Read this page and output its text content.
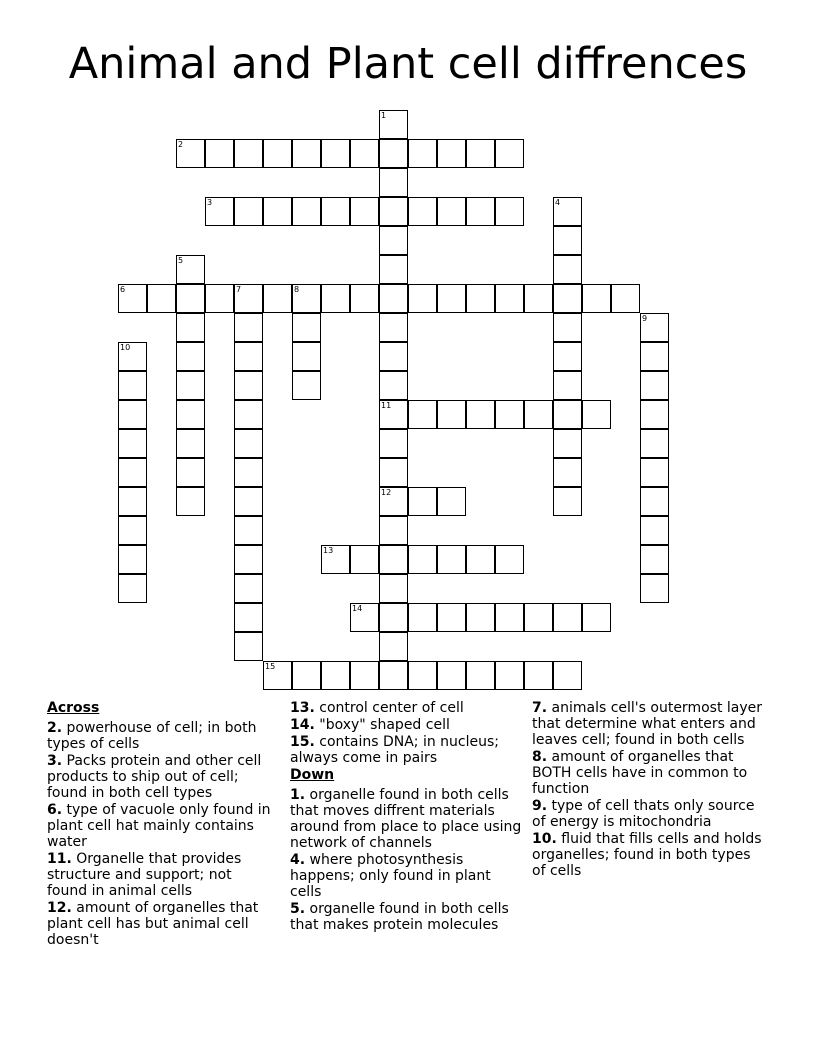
Animal and Plant cell diffrences
1
11
12
2
3	4
5
6	7	8
9
10
13
14
15
Across
2. powerhouse of cell; in both types of cells
3. Packs protein and other cell products to ship out of cell; found in both cell types
6. type of vacuole only found in plant cell hat mainly contains water
11. Organelle that provides structure and support; not found in animal cells
12. amount of organelles that plant cell has but animal cell doesn't
13. control center of cell
14. "boxy" shaped cell
15. contains DNA; in nucleus; always come in pairs
Down
1. organelle found in both cells that moves diffrent materials around from place to place using network of channels
4. where photosynthesis happens; only found in plant cells
5. organelle found in both cells that makes protein molecules
7. animals cell's outermost layer that determine what enters and leaves cell; found in both cells
8. amount of organelles that BOTH cells have in common to function
9. type of cell thats only source of energy is mitochondria
10. fluid that fills cells and holds organelles; found in both types of cells
